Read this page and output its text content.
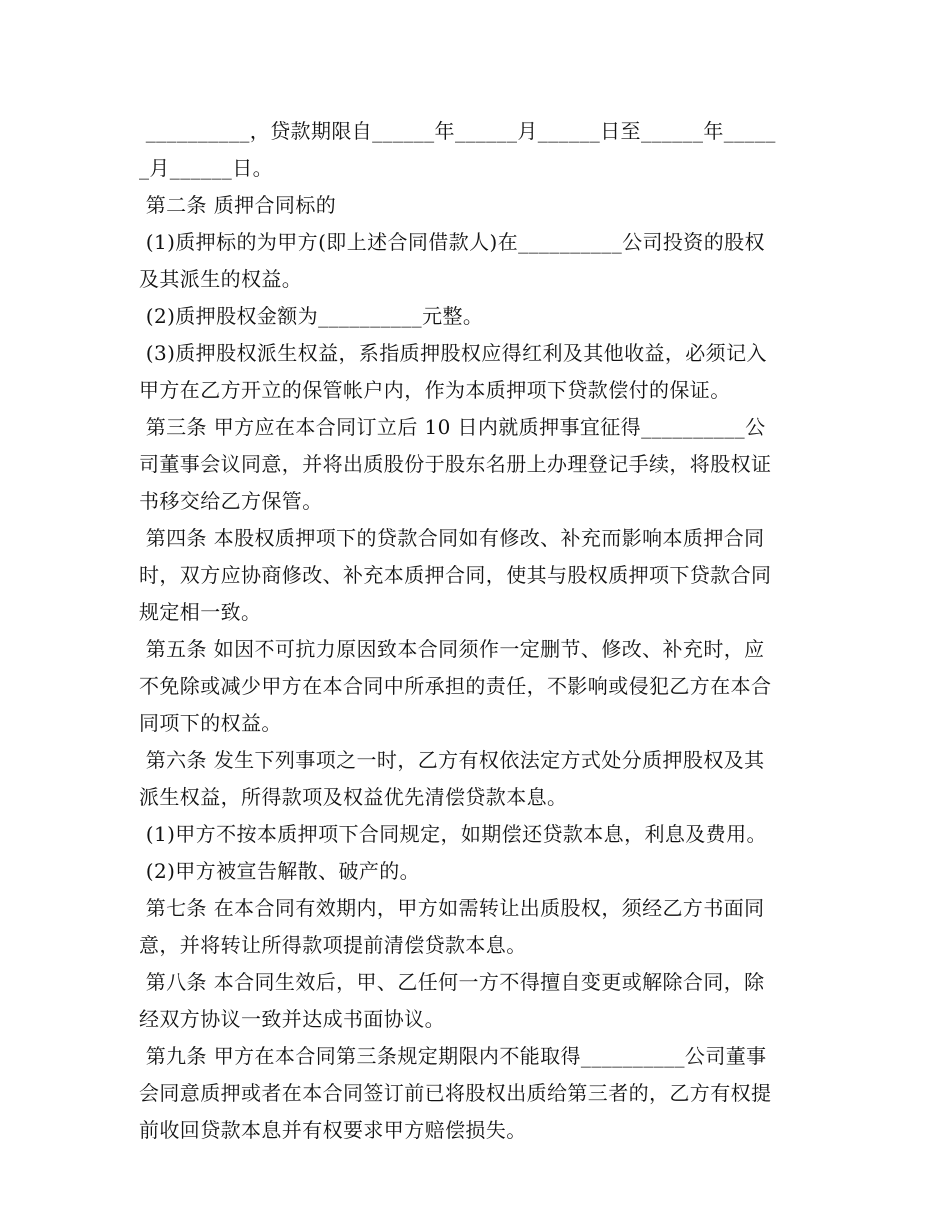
__________，贷款期限自______年______月______日至______年_____
_月______日。
第二条 质押合同标的
(1)质押标的为甲方(即上述合同借款人)在__________公司投资的股权
及其派生的权益。
(2)质押股权金额为__________元整。
(3)质押股权派生权益，系指质押股权应得红利及其他收益，必须记入
甲方在乙方开立的保管帐户内，作为本质押项下贷款偿付的保证。
第三条 甲方应在本合同订立后 10 日内就质押事宜征得__________公
司董事会议同意，并将出质股份于股东名册上办理登记手续，将股权证
书移交给乙方保管。
第四条 本股权质押项下的贷款合同如有修改、补充而影响本质押合同
时，双方应协商修改、补充本质押合同，使其与股权质押项下贷款合同
规定相一致。
第五条 如因不可抗力原因致本合同须作一定删节、修改、补充时，应
不免除或减少甲方在本合同中所承担的责任，不影响或侵犯乙方在本合
同项下的权益。
第六条 发生下列事项之一时，乙方有权依法定方式处分质押股权及其
派生权益，所得款项及权益优先清偿贷款本息。
(1)甲方不按本质押项下合同规定，如期偿还贷款本息，利息及费用。
(2)甲方被宣告解散、破产的。
第七条 在本合同有效期内，甲方如需转让出质股权，须经乙方书面同
意，并将转让所得款项提前清偿贷款本息。
第八条 本合同生效后，甲、乙任何一方不得擅自变更或解除合同，除
经双方协议一致并达成书面协议。
第九条 甲方在本合同第三条规定期限内不能取得__________公司董事
会同意质押或者在本合同签订前已将股权出质给第三者的，乙方有权提
前收回贷款本息并有权要求甲方赔偿损失。
